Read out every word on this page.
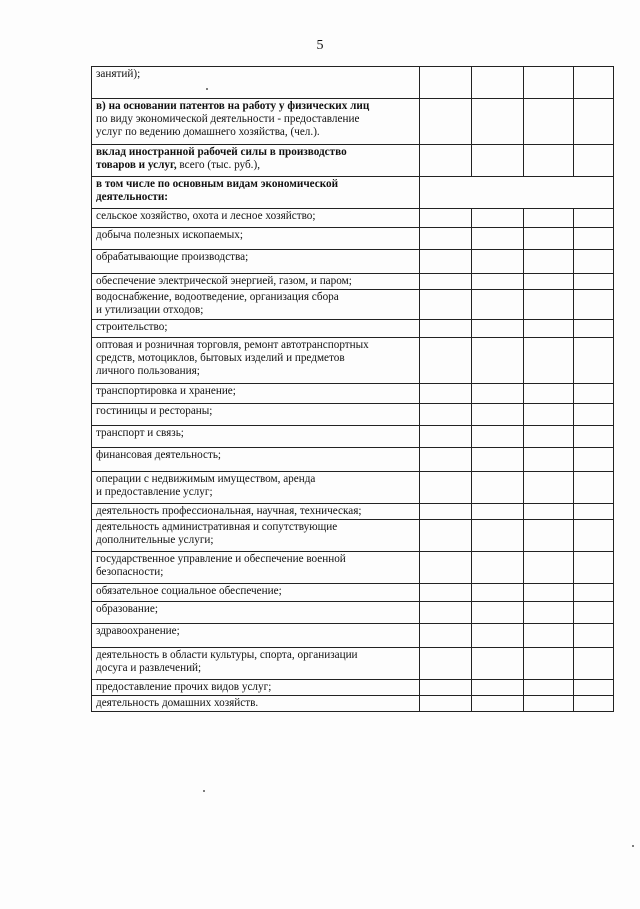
5
занятий);				

в) на основании патентов на работу у физических лиц
по виду экономической деятельности - предоставление
услуг по ведению домашнего хозяйства, (чел.).				

вклад иностранной рабочей силы в производство
товаров и услуг, всего (тыс. руб.),				

в том числе по основным видам экономической
деятельности:				

сельское хозяйство, охота и лесное хозяйство;				

добыча полезных ископаемых;				

обрабатывающие производства;				

обеспечение электрической энергией, газом, и паром;				

водоснабжение, водоотведение, организация сбора
и утилизации отходов;				

строительство;				

оптовая и розничная торговля, ремонт автотранспортных
средств, мотоциклов, бытовых изделий и предметов
личного пользования;				

транспортировка и хранение;				

гостиницы и рестораны;				

транспорт и связь;				

финансовая деятельность;				

операции с недвижимым имуществом, аренда
и предоставление услуг;				

деятельность профессиональная, научная, техническая;				

деятельность административная и сопутствующие
дополнительные услуги;				

государственное управление и обеспечение военной
безопасности;				

обязательное социальное обеспечение;				

образование;				

здравоохранение;				

деятельность в области культуры, спорта, организации
досуга и развлечений;				

предоставление прочих видов услуг;				

деятельность домашних хозяйств.				
